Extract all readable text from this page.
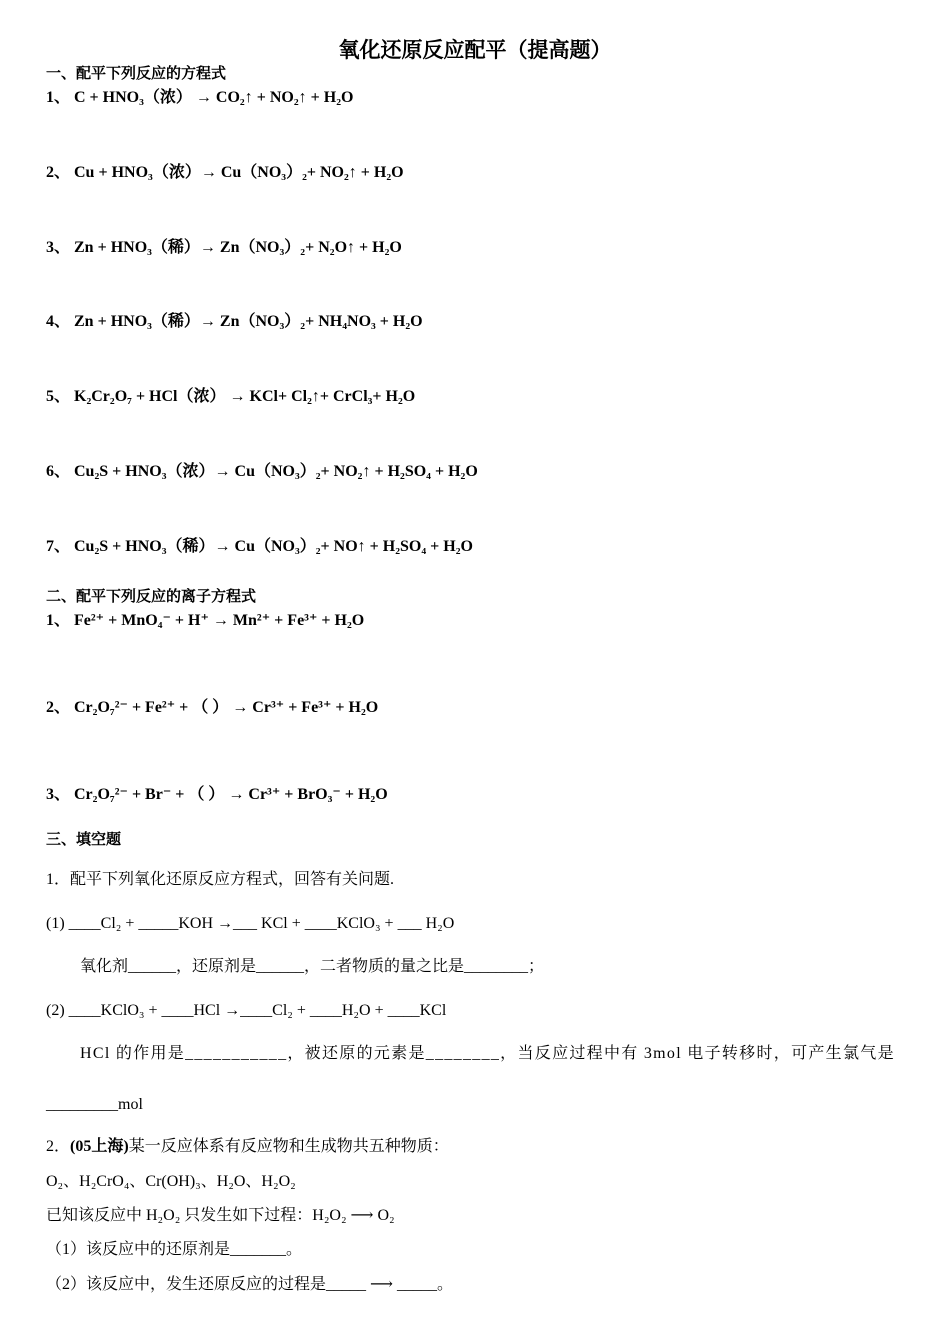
氧化还原反应配平（提高题）
一、配平下列反应的方程式
1、 C + HNO₃（浓） → CO₂↑ + NO₂↑ + H₂O
2、 Cu + HNO₃（浓）→ Cu（NO₃）₂+ NO₂↑ + H₂O
3、 Zn + HNO₃（稀）→ Zn（NO₃）₂+ N₂O↑ + H₂O
4、 Zn + HNO₃（稀）→ Zn（NO₃）₂+ NH₄NO₃ + H₂O
5、 K₂Cr₂O₇ + HCl（浓） → KCl+ Cl₂↑+ CrCl₃+ H₂O
6、 Cu₂S + HNO₃（浓）→ Cu（NO₃）₂+ NO₂↑ + H₂SO₄ + H₂O
7、 Cu₂S + HNO₃（稀）→ Cu（NO₃）₂+ NO↑ + H₂SO₄ + H₂O
二、配平下列反应的离子方程式
1、 Fe²⁺ + MnO₄⁻ + H⁺ → Mn²⁺ + Fe³⁺ + H₂O
2、 Cr₂O₇²⁻ + Fe²⁺ + （ ） → Cr³⁺ + Fe³⁺ + H₂O
3、 Cr₂O₇²⁻ + Br⁻ + （ ） → Cr³⁺ + BrO₃⁻ + H₂O
三、填空题
1．配平下列氧化还原反应方程式，回答有关问题.
(1) ____Cl₂ + _____KOH →___ KCl + ____KClO₃ + ___ H₂O
氧化剂______，还原剂是______，二者物质的量之比是________；
(2) ____KClO₃ + ____HCl →____Cl₂ + ____H₂O + ____KCl
HCl 的作用是___________，被还原的元素是________，当反应过程中有 3mol 电子转移时，可产生氯气是
_________mol
2．(05上海)某一反应体系有反应物和生成物共五种物质：
O₂、H₂CrO₄、Cr(OH)₃、H₂O、H₂O₂
已知该反应中 H₂O₂ 只发生如下过程：H₂O₂ ⟶ O₂
（1）该反应中的还原剂是_______。
（2）该反应中，发生还原反应的过程是_____ ⟶ _____。
